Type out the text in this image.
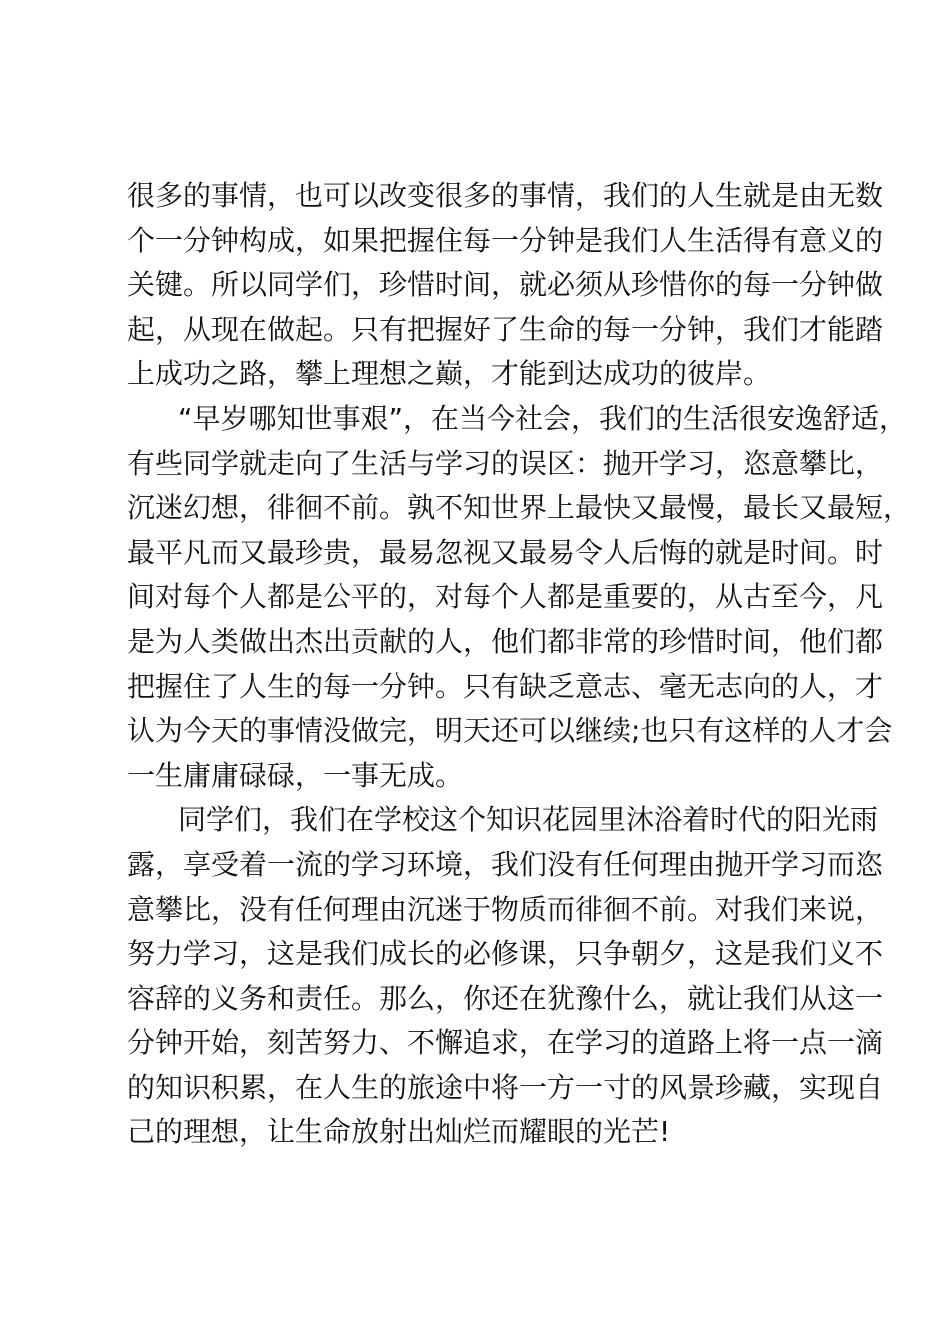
很多的事情，也可以改变很多的事情，我们的人生就是由无数
个一分钟构成，如果把握住每一分钟是我们人生活得有意义的
关键。所以同学们，珍惜时间，就必须从珍惜你的每一分钟做
起，从现在做起。只有把握好了生命的每一分钟，我们才能踏
上成功之路，攀上理想之巅，才能到达成功的彼岸。
“早岁哪知世事艰”，在当今社会，我们的生活很安逸舒适，
有些同学就走向了生活与学习的误区：抛开学习，恣意攀比，
沉迷幻想，徘徊不前。孰不知世界上最快又最慢，最长又最短，
最平凡而又最珍贵，最易忽视又最易令人后悔的就是时间。时
间对每个人都是公平的，对每个人都是重要的，从古至今，凡
是为人类做出杰出贡献的人，他们都非常的珍惜时间，他们都
把握住了人生的每一分钟。只有缺乏意志、毫无志向的人，才
认为今天的事情没做完，明天还可以继续;也只有这样的人才会
一生庸庸碌碌，一事无成。
同学们，我们在学校这个知识花园里沐浴着时代的阳光雨
露，享受着一流的学习环境，我们没有任何理由抛开学习而恣
意攀比，没有任何理由沉迷于物质而徘徊不前。对我们来说，
努力学习，这是我们成长的必修课，只争朝夕，这是我们义不
容辞的义务和责任。那么，你还在犹豫什么，就让我们从这一
分钟开始，刻苦努力、不懈追求，在学习的道路上将一点一滴
的知识积累，在人生的旅途中将一方一寸的风景珍藏，实现自
己的理想，让生命放射出灿烂而耀眼的光芒!
